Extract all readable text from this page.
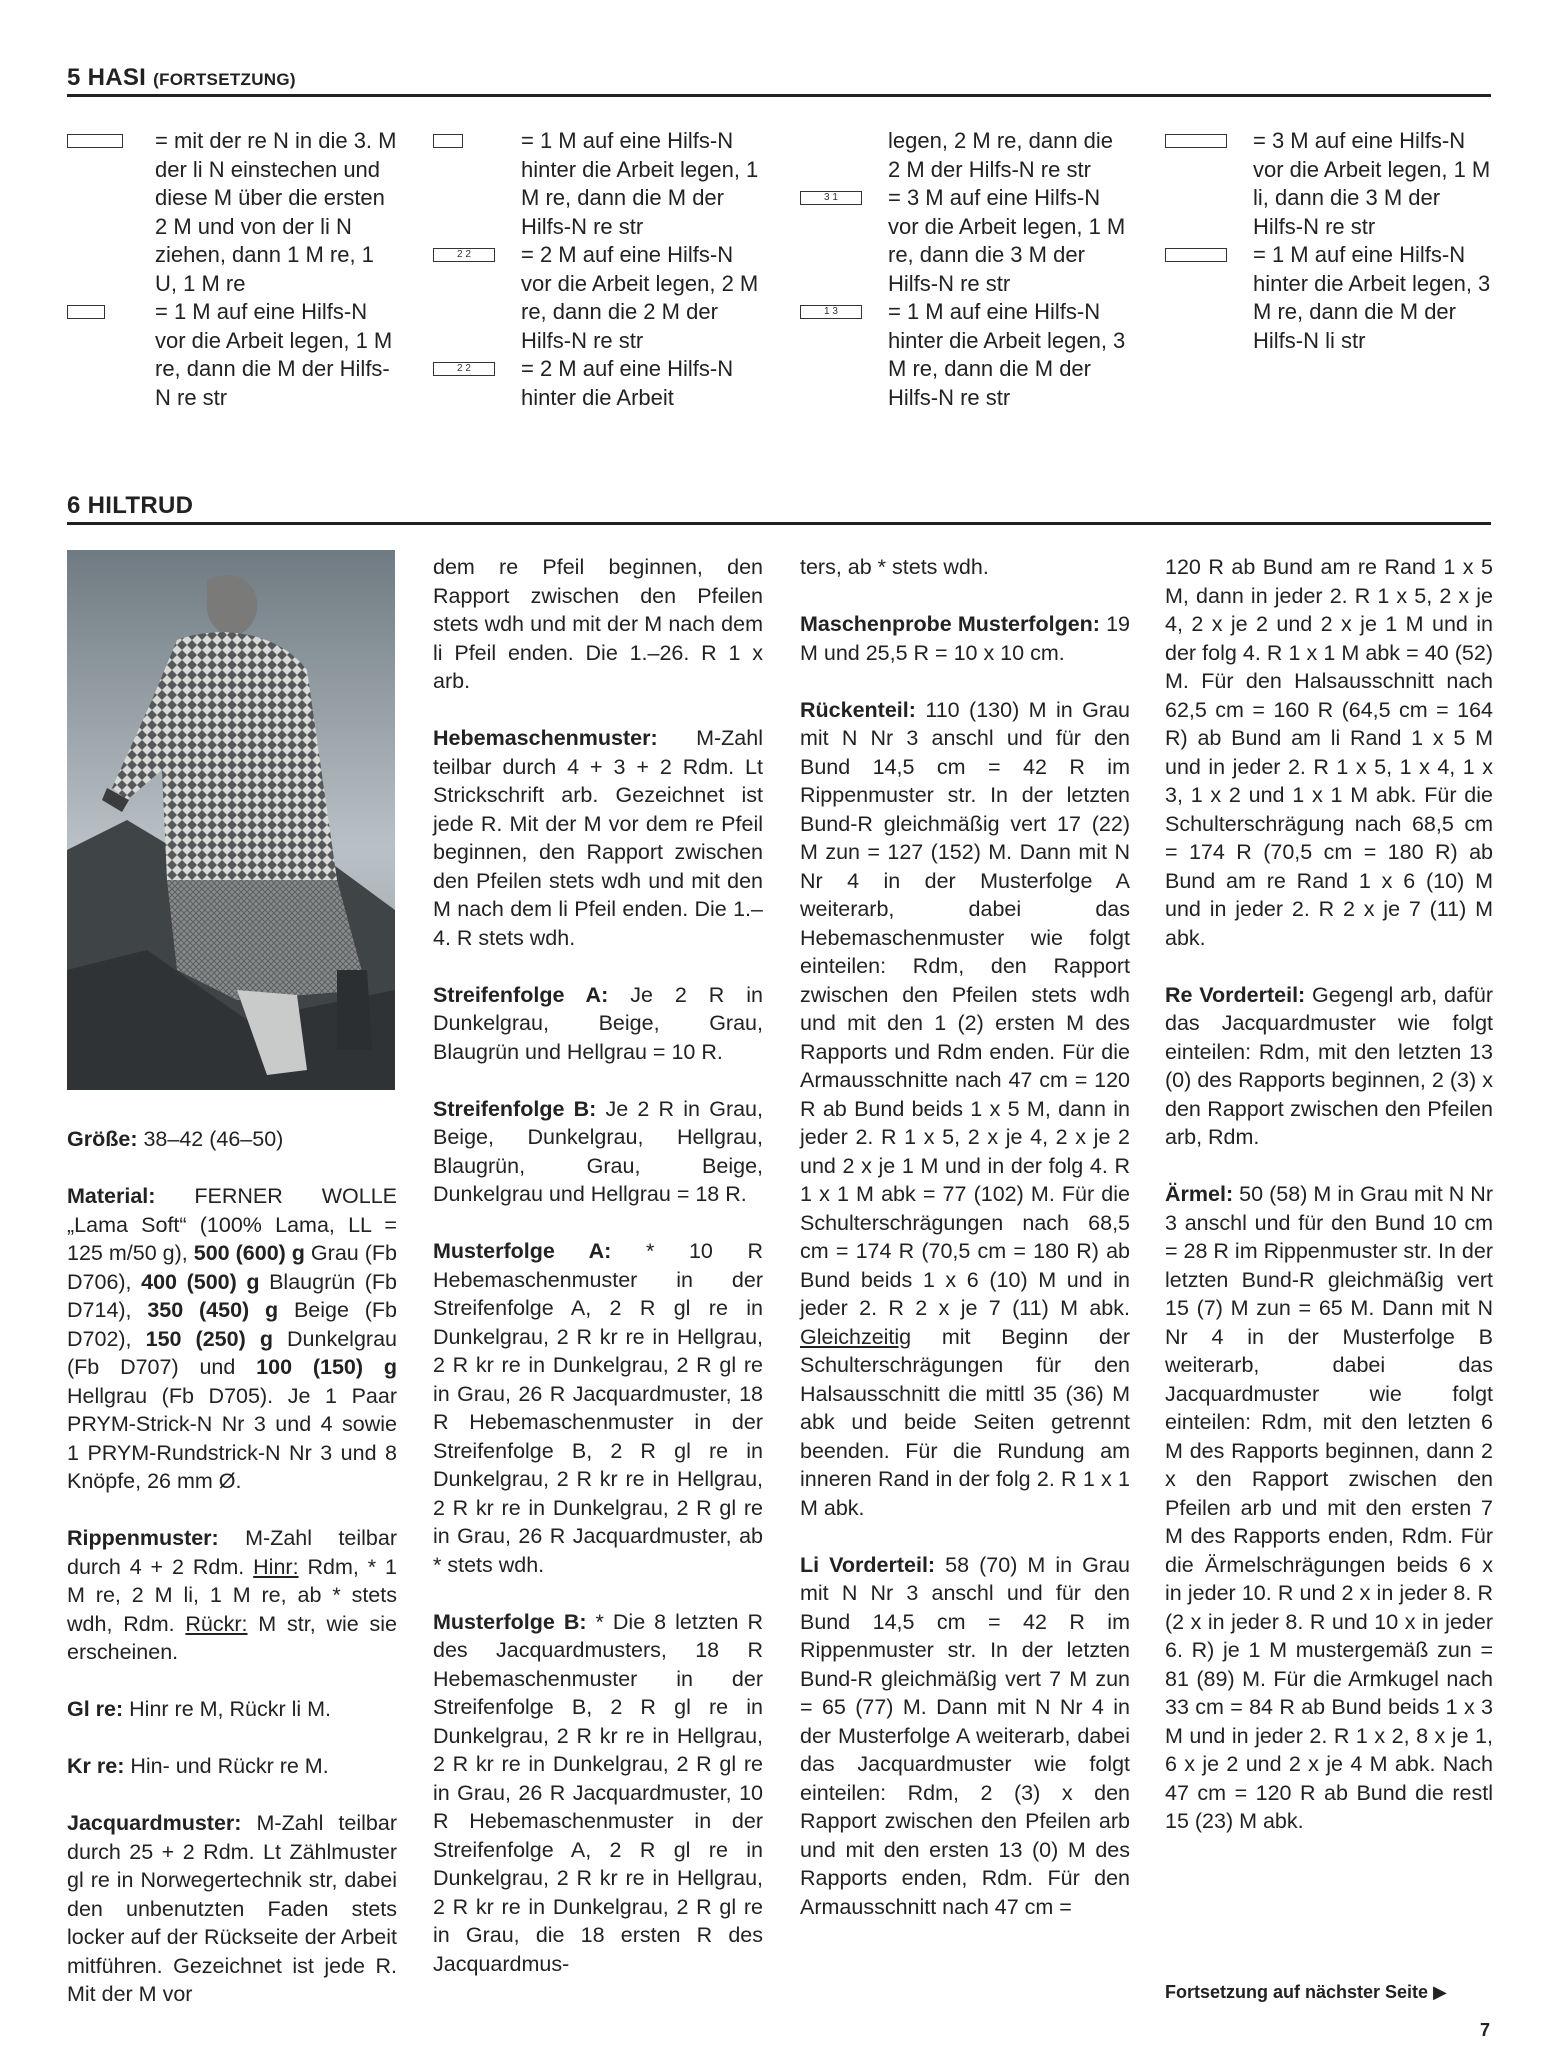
5 HASI (FORTSETZUNG)
= mit der re N in die 3. M der li N einstechen und diese M über die ersten 2 M und von der li N ziehen, dann 1 M re, 1 U, 1 M re
= 1 M auf eine Hilfs-N vor die Arbeit legen, 1 M re, dann die M der Hilfs-N re str
= 1 M auf eine Hilfs-N hinter die Arbeit legen, 1 M re, dann die M der Hilfs-N re str
2 2	= 2 M auf eine Hilfs-N vor die Arbeit legen, 2 M re, dann die 2 M der Hilfs-N re str
2 2	= 2 M auf eine Hilfs-N hinter die Arbeit
legen, 2 M re, dann die 2 M der Hilfs-N re str
3 1	= 3 M auf eine Hilfs-N vor die Arbeit legen, 1 M re, dann die 3 M der Hilfs-N re str
1 3	= 1 M auf eine Hilfs-N hinter die Arbeit legen, 3 M re, dann die M der Hilfs-N re str
= 3 M auf eine Hilfs-N vor die Arbeit legen, 1 M li, dann die 3 M der Hilfs-N re str
= 1 M auf eine Hilfs-N hinter die Arbeit legen, 3 M re, dann die M der Hilfs-N li str
6 HILTRUD

Größe: 38–42 (46–50)

Material: FERNER WOLLE „Lama Soft“ (100% Lama, LL = 125 m/50 g), 500 (600) g Grau (Fb D706), 400 (500) g Blaugrün (Fb D714), 350 (450) g Beige (Fb D702), 150 (250) g Dunkelgrau (Fb D707) und 100 (150) g Hellgrau (Fb D705). Je 1 Paar PRYM-Strick-N Nr 3 und 4 sowie 1 PRYM-Rundstrick-N Nr 3 und 8 Knöpfe, 26 mm Ø.

Rippenmuster: M-Zahl teilbar durch 4 + 2 Rdm. Hinr: Rdm, * 1 M re, 2 M li, 1 M re, ab * stets wdh, Rdm. Rückr: M str, wie sie erscheinen.

Gl re: Hinr re M, Rückr li M.

Kr re: Hin- und Rückr re M.

Jacquardmuster: M-Zahl teilbar durch 25 + 2 Rdm. Lt Zählmuster gl re in Norwegertechnik str, dabei den unbenutzten Faden stets locker auf der Rückseite der Arbeit mitführen. Gezeichnet ist jede R. Mit der M vor

dem re Pfeil beginnen, den Rapport zwischen den Pfeilen stets wdh und mit der M nach dem li Pfeil enden. Die 1.–26. R 1 x arb.

Hebemaschenmuster: M-Zahl teilbar durch 4 + 3 + 2 Rdm. Lt Strickschrift arb. Gezeichnet ist jede R. Mit der M vor dem re Pfeil beginnen, den Rapport zwischen den Pfeilen stets wdh und mit den M nach dem li Pfeil enden. Die 1.–4. R stets wdh.

Streifenfolge A: Je 2 R in Dunkelgrau, Beige, Grau, Blaugrün und Hellgrau = 10 R.

Streifenfolge B: Je 2 R in Grau, Beige, Dunkelgrau, Hellgrau, Blaugrün, Grau, Beige, Dunkelgrau und Hellgrau = 18 R.

Musterfolge A: * 10 R Hebemaschenmuster in der Streifenfolge A, 2 R gl re in Dunkelgrau, 2 R kr re in Hellgrau, 2 R kr re in Dunkelgrau, 2 R gl re in Grau, 26 R Jacquardmuster, 18 R Hebemaschenmuster in der Streifenfolge B, 2 R gl re in Dunkelgrau, 2 R kr re in Hellgrau, 2 R kr re in Dunkelgrau, 2 R gl re in Grau, 26 R Jacquardmuster, ab * stets wdh.

Musterfolge B: * Die 8 letzten R des Jacquardmusters, 18 R Hebemaschenmuster in der Streifenfolge B, 2 R gl re in Dunkelgrau, 2 R kr re in Hellgrau, 2 R kr re in Dunkelgrau, 2 R gl re in Grau, 26 R Jacquardmuster, 10 R Hebemaschenmuster in der Streifenfolge A, 2 R gl re in Dunkelgrau, 2 R kr re in Hellgrau, 2 R kr re in Dunkelgrau, 2 R gl re in Grau, die 18 ersten R des Jacquardmus-

ters, ab * stets wdh.

Maschenprobe Musterfolgen: 19 M und 25,5 R = 10 x 10 cm.

Rückenteil: 110 (130) M in Grau mit N Nr 3 anschl und für den Bund 14,5 cm = 42 R im Rippenmuster str. In der letzten Bund-R gleichmäßig vert 17 (22) M zun = 127 (152) M. Dann mit N Nr 4 in der Musterfolge A weiterarb, dabei das Hebemaschenmuster wie folgt einteilen: Rdm, den Rapport zwischen den Pfeilen stets wdh und mit den 1 (2) ersten M des Rapports und Rdm enden. Für die Armausschnitte nach 47 cm = 120 R ab Bund beids 1 x 5 M, dann in jeder 2. R 1 x 5, 2 x je 4, 2 x je 2 und 2 x je 1 M und in der folg 4. R 1 x 1 M abk = 77 (102) M. Für die Schulterschrägungen nach 68,5 cm = 174 R (70,5 cm = 180 R) ab Bund beids 1 x 6 (10) M und in jeder 2. R 2 x je 7 (11) M abk. Gleichzeitig mit Beginn der Schulterschrägungen für den Halsausschnitt die mittl 35 (36) M abk und beide Seiten getrennt beenden. Für die Rundung am inneren Rand in der folg 2. R 1 x 1 M abk.

Li Vorderteil: 58 (70) M in Grau mit N Nr 3 anschl und für den Bund 14,5 cm = 42 R im Rippenmuster str. In der letzten Bund-R gleichmäßig vert 7 M zun = 65 (77) M. Dann mit N Nr 4 in der Musterfolge A weiterarb, dabei das Jacquardmuster wie folgt einteilen: Rdm, 2 (3) x den Rapport zwischen den Pfeilen arb und mit den ersten 13 (0) M des Rapports enden, Rdm. Für den Armausschnitt nach 47 cm =

120 R ab Bund am re Rand 1 x 5 M, dann in jeder 2. R 1 x 5, 2 x je 4, 2 x je 2 und 2 x je 1 M und in der folg 4. R 1 x 1 M abk = 40 (52) M. Für den Halsausschnitt nach 62,5 cm = 160 R (64,5 cm = 164 R) ab Bund am li Rand 1 x 5 M und in jeder 2. R 1 x 5, 1 x 4, 1 x 3, 1 x 2 und 1 x 1 M abk. Für die Schulterschrägung nach 68,5 cm = 174 R (70,5 cm = 180 R) ab Bund am re Rand 1 x 6 (10) M und in jeder 2. R 2 x je 7 (11) M abk.

Re Vorderteil: Gegengl arb, dafür das Jacquardmuster wie folgt einteilen: Rdm, mit den letzten 13 (0) des Rapports beginnen, 2 (3) x den Rapport zwischen den Pfeilen arb, Rdm.

Ärmel: 50 (58) M in Grau mit N Nr 3 anschl und für den Bund 10 cm = 28 R im Rippenmuster str. In der letzten Bund-R gleichmäßig vert 15 (7) M zun = 65 M. Dann mit N Nr 4 in der Musterfolge B weiterarb, dabei das Jacquardmuster wie folgt einteilen: Rdm, mit den letzten 6 M des Rapports beginnen, dann 2 x den Rapport zwischen den Pfeilen arb und mit den ersten 7 M des Rapports enden, Rdm. Für die Ärmelschrägungen beids 6 x in jeder 10. R und 2 x in jeder 8. R (2 x in jeder 8. R und 10 x in jeder 6. R) je 1 M mustergemäß zun = 81 (89) M. Für die Armkugel nach 33 cm = 84 R ab Bund beids 1 x 3 M und in jeder 2. R 1 x 2, 8 x je 1, 6 x je 2 und 2 x je 4 M abk. Nach 47 cm = 120 R ab Bund die restl 15 (23) M abk.

Fortsetzung auf nächster Seite ▶
7
